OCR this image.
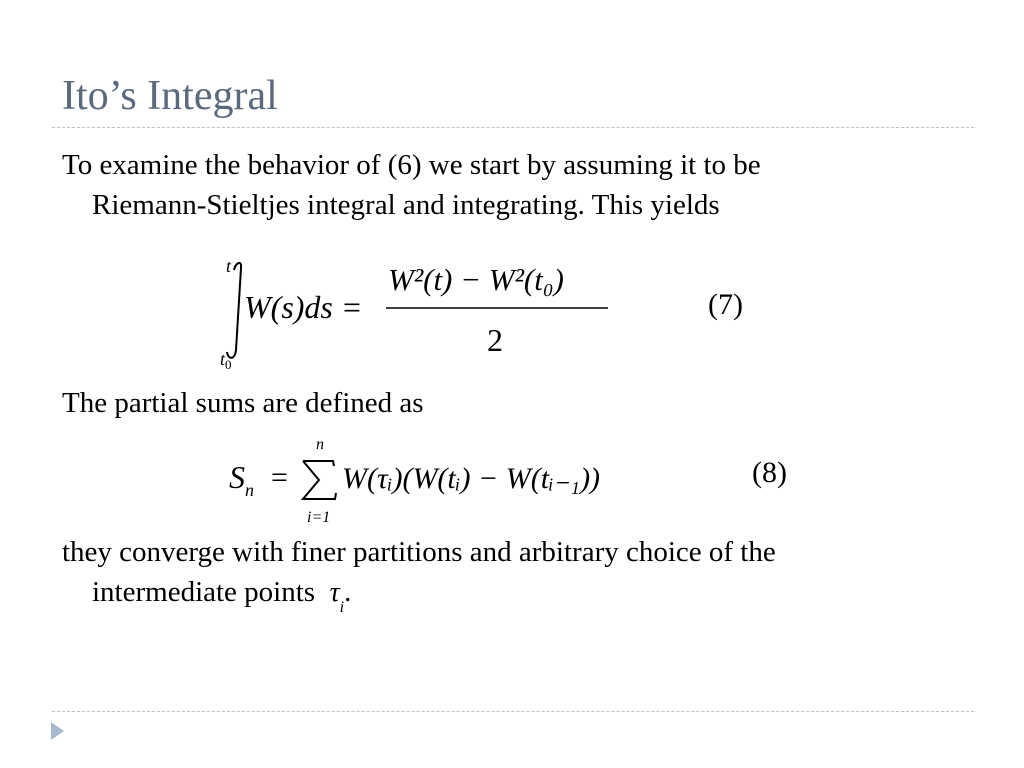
Ito’s Integral

To examine the behavior of (6) we start by assuming it to be
Riemann-Stieltjes integral and integrating. This yields

t
$t_0$
W(s)ds =
W²(t) − W²(t₀)
2
(7)

The partial sums are defined as

$S_n$ =
n
i=1
W(τᵢ)(W(tᵢ) − W(tᵢ₋₁))	(8)

they converge with finer partitions and arbitrary choice of the
intermediate points $\tau_i$.
